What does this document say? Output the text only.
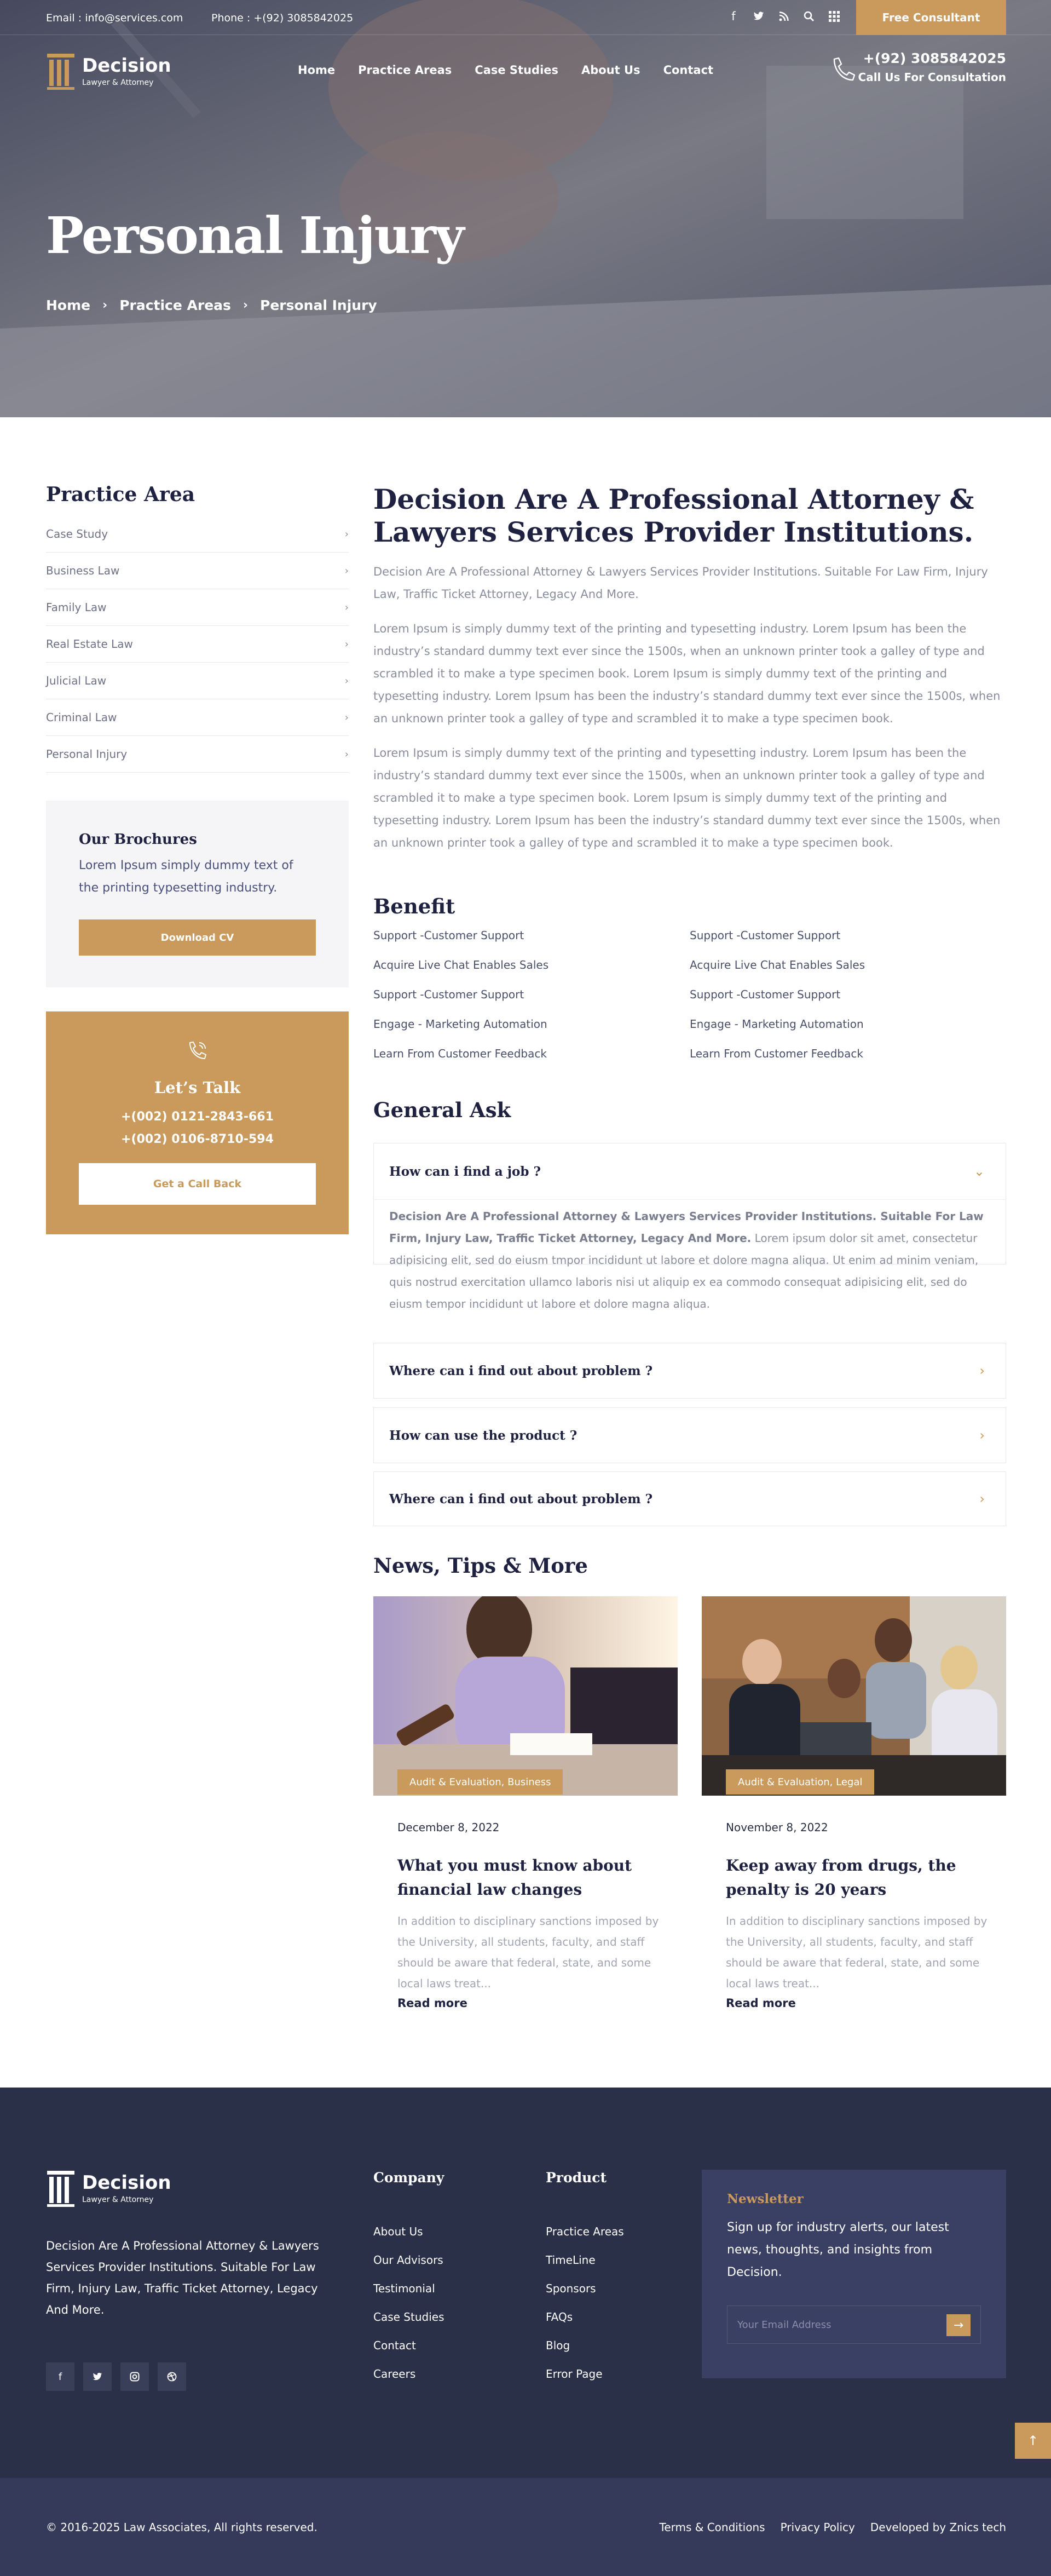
Email : info@services.com	Phone : +(92) 3085842025	f	Free Consultant
Decision
Lawyer & Attorney
Home Practice Areas Case Studies About Us Contact
+(92) 3085842025
Call Us For Consultation
Personal Injury
Home › Practice Areas › Personal Injury
Practice Area
Case Study	›
Business Law	›
Family Law	›
Real Estate Law	›
Julicial Law	›
Criminal Law	›
Personal Injury	›
Our Brochures

Lorem Ipsum simply dummy text of the printing typesetting industry.

Download CV
Let’s Talk
+(002) 0121-2843-661
+(002) 0106-8710-594
Get a Call Back
Decision Are A Professional Attorney & Lawyers Services Provider Institutions.

Decision Are A Professional Attorney & Lawyers Services Provider Institutions. Suitable For Law Firm, Injury Law, Traffic Ticket Attorney, Legacy And More.

Lorem Ipsum is simply dummy text of the printing and typesetting industry. Lorem Ipsum has been the industry’s standard dummy text ever since the 1500s, when an unknown printer took a galley of type and scrambled it to make a type specimen book. Lorem Ipsum is simply dummy text of the printing and typesetting industry. Lorem Ipsum has been the industry’s standard dummy text ever since the 1500s, when an unknown printer took a galley of type and scrambled it to make a type specimen book.

Lorem Ipsum is simply dummy text of the printing and typesetting industry. Lorem Ipsum has been the industry’s standard dummy text ever since the 1500s, when an unknown printer took a galley of type and scrambled it to make a type specimen book. Lorem Ipsum is simply dummy text of the printing and typesetting industry. Lorem Ipsum has been the industry’s standard dummy text ever since the 1500s, when an unknown printer took a galley of type and scrambled it to make a type specimen book.

Benefit
Support -Customer Support	Support -Customer Support
Acquire Live Chat Enables Sales	Acquire Live Chat Enables Sales
Support -Customer Support	Support -Customer Support
Engage - Marketing Automation	Engage - Marketing Automation
Learn From Customer Feedback	Learn From Customer Feedback
General Ask
How can i find a job ?	⌄
Decision Are A Professional Attorney & Lawyers Services Provider Institutions. Suitable For Law Firm, Injury Law, Traffic Ticket Attorney, Legacy And More. Lorem ipsum dolor sit amet, consectetur adipisicing elit, sed do eiusm tmpor incididunt ut labore et dolore magna aliqua. Ut enim ad minim veniam, quis nostrud exercitation ullamco laboris nisi ut aliquip ex ea commodo consequat adipisicing elit, sed do eiusm tempor incididunt ut labore et dolore magna aliqua.
Where can i find out about problem ?	›
How can use the product ?	›
Where can i find out about problem ?	›
News, Tips & More
Audit & Evaluation, Business
December 8, 2022
What you must know about financial law changes

In addition to disciplinary sanctions imposed by the University, all students, faculty, and staff should be aware that federal, state, and some local laws treat...

Read more
Audit & Evaluation, Legal
November 8, 2022
Keep away from drugs, the penalty is 20 years

In addition to disciplinary sanctions imposed by the University, all students, faculty, and staff should be aware that federal, state, and some local laws treat...

Read more
Decision
Lawyer & Attorney

Decision Are A Professional Attorney & Lawyers Services Provider Institutions. Suitable For Law Firm, Injury Law, Traffic Ticket Attorney, Legacy And More.

f
Company
About Us
Our Advisors
Testimonial
Case Studies
Contact
Careers
Product
Practice Areas
TimeLine
Sponsors
FAQs
Blog
Error Page
Newsletter

Sign up for industry alerts, our latest news, thoughts, and insights from Decision.

Your Email Address
→
↑
© 2016-2025 Law Associates, All rights reserved.	Terms & Conditions Privacy Policy Developed by Znics tech
